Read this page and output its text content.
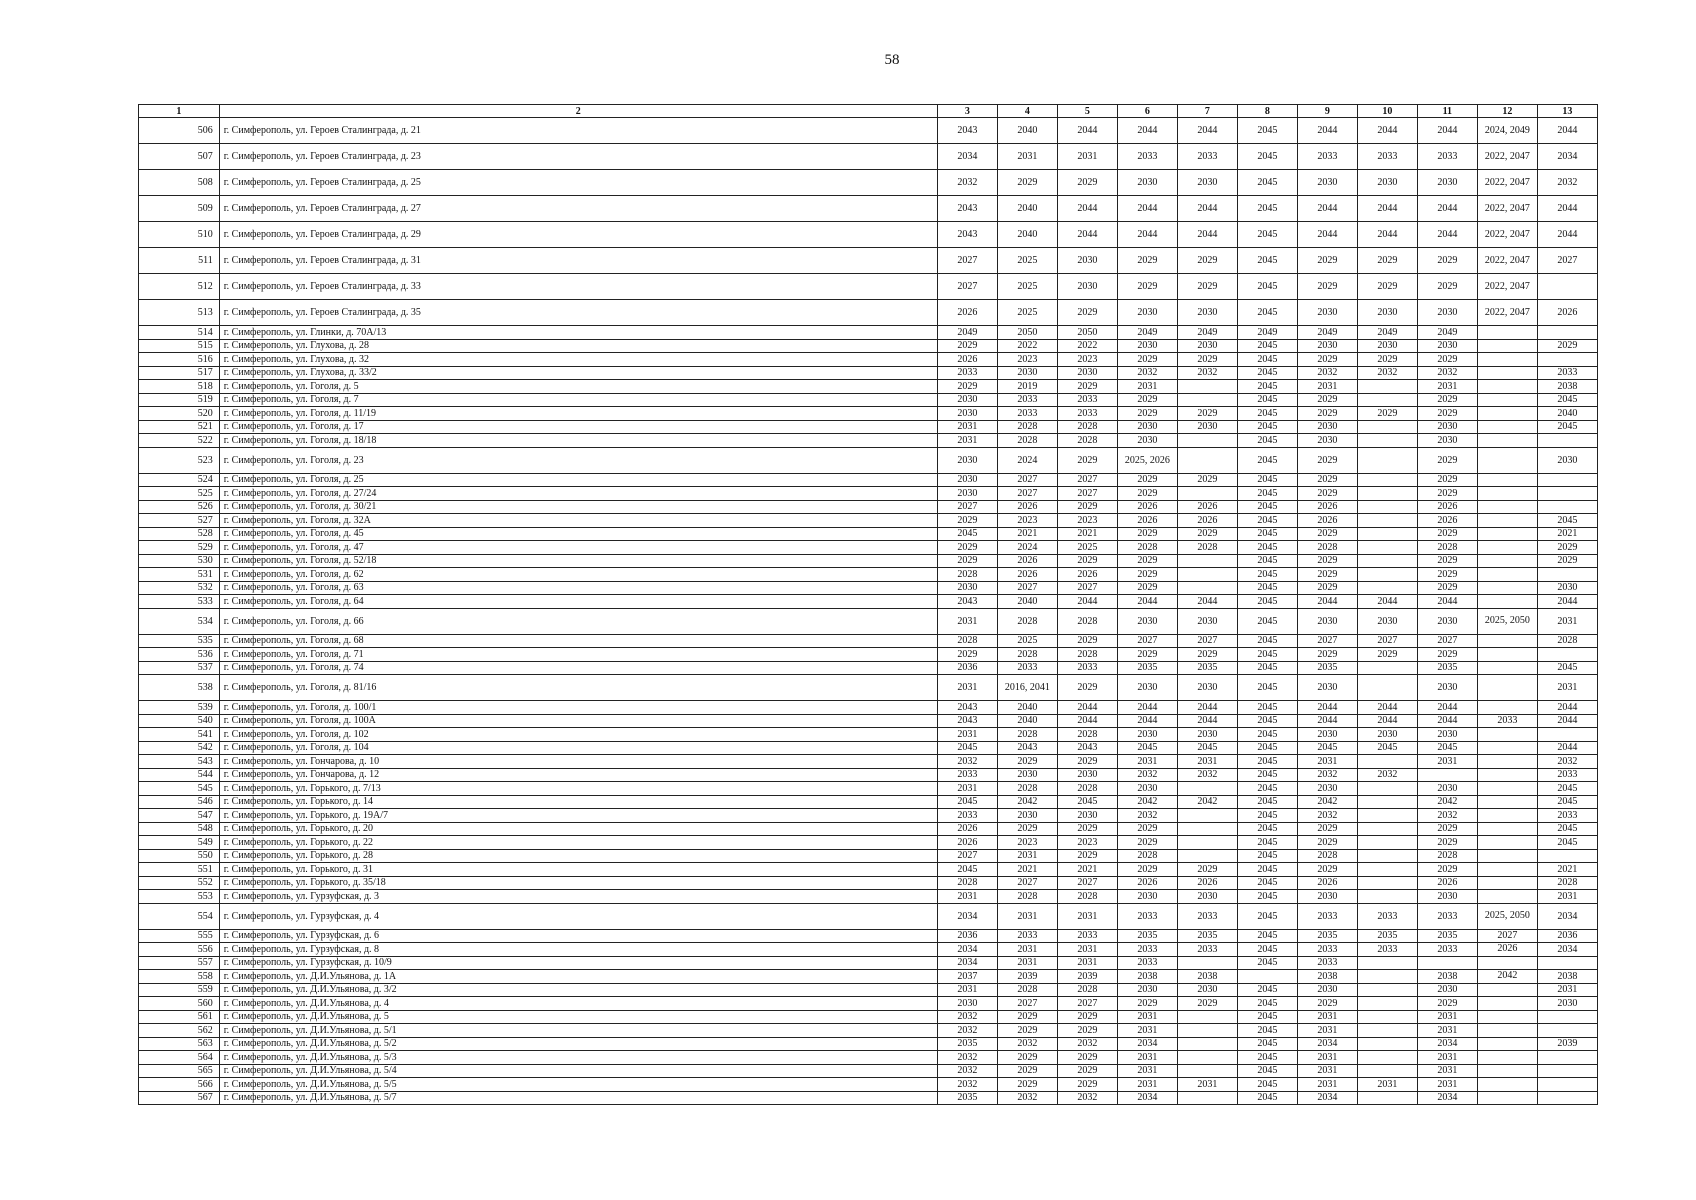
58
1	2	3	4	5	6	7	8	9	10	11	12	13
506	г. Симферополь, ул. Героев Сталинграда, д. 21	2043	2040	2044	2044	2044	2045	2044	2044	2044	2024, 2049	2044
507	г. Симферополь, ул. Героев Сталинграда, д. 23	2034	2031	2031	2033	2033	2045	2033	2033	2033	2022, 2047	2034
508	г. Симферополь, ул. Героев Сталинграда, д. 25	2032	2029	2029	2030	2030	2045	2030	2030	2030	2022, 2047	2032
509	г. Симферополь, ул. Героев Сталинграда, д. 27	2043	2040	2044	2044	2044	2045	2044	2044	2044	2022, 2047	2044
510	г. Симферополь, ул. Героев Сталинграда, д. 29	2043	2040	2044	2044	2044	2045	2044	2044	2044	2022, 2047	2044
511	г. Симферополь, ул. Героев Сталинграда, д. 31	2027	2025	2030	2029	2029	2045	2029	2029	2029	2022, 2047	2027
512	г. Симферополь, ул. Героев Сталинграда, д. 33	2027	2025	2030	2029	2029	2045	2029	2029	2029	2022, 2047	
513	г. Симферополь, ул. Героев Сталинграда, д. 35	2026	2025	2029	2030	2030	2045	2030	2030	2030	2022, 2047	2026
514	г. Симферополь, ул. Глинки, д. 70А/13	2049	2050	2050	2049	2049	2049	2049	2049	2049		
515	г. Симферополь, ул. Глухова, д. 28	2029	2022	2022	2030	2030	2045	2030	2030	2030		2029
516	г. Симферополь, ул. Глухова, д. 32	2026	2023	2023	2029	2029	2045	2029	2029	2029		
517	г. Симферополь, ул. Глухова, д. 33/2	2033	2030	2030	2032	2032	2045	2032	2032	2032		2033
518	г. Симферополь, ул. Гоголя, д. 5	2029	2019	2029	2031		2045	2031		2031		2038
519	г. Симферополь, ул. Гоголя, д. 7	2030	2033	2033	2029		2045	2029		2029		2045
520	г. Симферополь, ул. Гоголя, д. 11/19	2030	2033	2033	2029	2029	2045	2029	2029	2029		2040
521	г. Симферополь, ул. Гоголя, д. 17	2031	2028	2028	2030	2030	2045	2030		2030		2045
522	г. Симферополь, ул. Гоголя, д. 18/18	2031	2028	2028	2030		2045	2030		2030		
523	г. Симферополь, ул. Гоголя, д. 23	2030	2024	2029	2025, 2026		2045	2029		2029		2030
524	г. Симферополь, ул. Гоголя, д. 25	2030	2027	2027	2029	2029	2045	2029		2029		
525	г. Симферополь, ул. Гоголя, д. 27/24	2030	2027	2027	2029		2045	2029		2029		
526	г. Симферополь, ул. Гоголя, д. 30/21	2027	2026	2029	2026	2026	2045	2026		2026		
527	г. Симферополь, ул. Гоголя, д. 32А	2029	2023	2023	2026	2026	2045	2026		2026		2045
528	г. Симферополь, ул. Гоголя, д. 45	2045	2021	2021	2029	2029	2045	2029		2029		2021
529	г. Симферополь, ул. Гоголя, д. 47	2029	2024	2025	2028	2028	2045	2028		2028		2029
530	г. Симферополь, ул. Гоголя, д. 52/18	2029	2026	2029	2029		2045	2029		2029		2029
531	г. Симферополь, ул. Гоголя, д. 62	2028	2026	2026	2029		2045	2029		2029		
532	г. Симферополь, ул. Гоголя, д. 63	2030	2027	2027	2029		2045	2029		2029		2030
533	г. Симферополь, ул. Гоголя, д. 64	2043	2040	2044	2044	2044	2045	2044	2044	2044		2044
534	г. Симферополь, ул. Гоголя, д. 66	2031	2028	2028	2030	2030	2045	2030	2030	2030	2025, 2050	2031
535	г. Симферополь, ул. Гоголя, д. 68	2028	2025	2029	2027	2027	2045	2027	2027	2027		2028
536	г. Симферополь, ул. Гоголя, д. 71	2029	2028	2028	2029	2029	2045	2029	2029	2029		
537	г. Симферополь, ул. Гоголя, д. 74	2036	2033	2033	2035	2035	2045	2035		2035		2045
538	г. Симферополь, ул. Гоголя, д. 81/16	2031	2016, 2041	2029	2030	2030	2045	2030		2030		2031
539	г. Симферополь, ул. Гоголя, д. 100/1	2043	2040	2044	2044	2044	2045	2044	2044	2044		2044
540	г. Симферополь, ул. Гоголя, д. 100А	2043	2040	2044	2044	2044	2045	2044	2044	2044	2033	2044
541	г. Симферополь, ул. Гоголя, д. 102	2031	2028	2028	2030	2030	2045	2030	2030	2030		
542	г. Симферополь, ул. Гоголя, д. 104	2045	2043	2043	2045	2045	2045	2045	2045	2045		2044
543	г. Симферополь, ул. Гончарова, д. 10	2032	2029	2029	2031	2031	2045	2031		2031		2032
544	г. Симферополь, ул. Гончарова, д. 12	2033	2030	2030	2032	2032	2045	2032	2032			2033
545	г. Симферополь, ул. Горького, д. 7/13	2031	2028	2028	2030		2045	2030		2030		2045
546	г. Симферополь, ул. Горького, д. 14	2045	2042	2045	2042	2042	2045	2042		2042		2045
547	г. Симферополь, ул. Горького, д. 19А/7	2033	2030	2030	2032		2045	2032		2032		2033
548	г. Симферополь, ул. Горького, д. 20	2026	2029	2029	2029		2045	2029		2029		2045
549	г. Симферополь, ул. Горького, д. 22	2026	2023	2023	2029		2045	2029		2029		2045
550	г. Симферополь, ул. Горького, д. 28	2027	2031	2029	2028		2045	2028		2028		
551	г. Симферополь, ул. Горького, д. 31	2045	2021	2021	2029	2029	2045	2029		2029		2021
552	г. Симферополь, ул. Горького, д. 35/18	2028	2027	2027	2026	2026	2045	2026		2026		2028
553	г. Симферополь, ул. Гурзуфская, д. 3	2031	2028	2028	2030	2030	2045	2030		2030		2031
554	г. Симферополь, ул. Гурзуфская, д. 4	2034	2031	2031	2033	2033	2045	2033	2033	2033	2025, 2050	2034
555	г. Симферополь, ул. Гурзуфская, д. 6	2036	2033	2033	2035	2035	2045	2035	2035	2035	2027	2036
556	г. Симферополь, ул. Гурзуфская, д. 8	2034	2031	2031	2033	2033	2045	2033	2033	2033	2026	2034
557	г. Симферополь, ул. Гурзуфская, д. 10/9	2034	2031	2031	2033		2045	2033				
558	г. Симферополь, ул. Д.И.Ульянова, д. 1А	2037	2039	2039	2038	2038		2038		2038	2042	2038
559	г. Симферополь, ул. Д.И.Ульянова, д. 3/2	2031	2028	2028	2030	2030	2045	2030		2030		2031
560	г. Симферополь, ул. Д.И.Ульянова, д. 4	2030	2027	2027	2029	2029	2045	2029		2029		2030
561	г. Симферополь, ул. Д.И.Ульянова, д. 5	2032	2029	2029	2031		2045	2031		2031		
562	г. Симферополь, ул. Д.И.Ульянова, д. 5/1	2032	2029	2029	2031		2045	2031		2031		
563	г. Симферополь, ул. Д.И.Ульянова, д. 5/2	2035	2032	2032	2034		2045	2034		2034		2039
564	г. Симферополь, ул. Д.И.Ульянова, д. 5/3	2032	2029	2029	2031		2045	2031		2031		
565	г. Симферополь, ул. Д.И.Ульянова, д. 5/4	2032	2029	2029	2031		2045	2031		2031		
566	г. Симферополь, ул. Д.И.Ульянова, д. 5/5	2032	2029	2029	2031	2031	2045	2031	2031	2031		
567	г. Симферополь, ул. Д.И.Ульянова, д. 5/7	2035	2032	2032	2034		2045	2034		2034		
